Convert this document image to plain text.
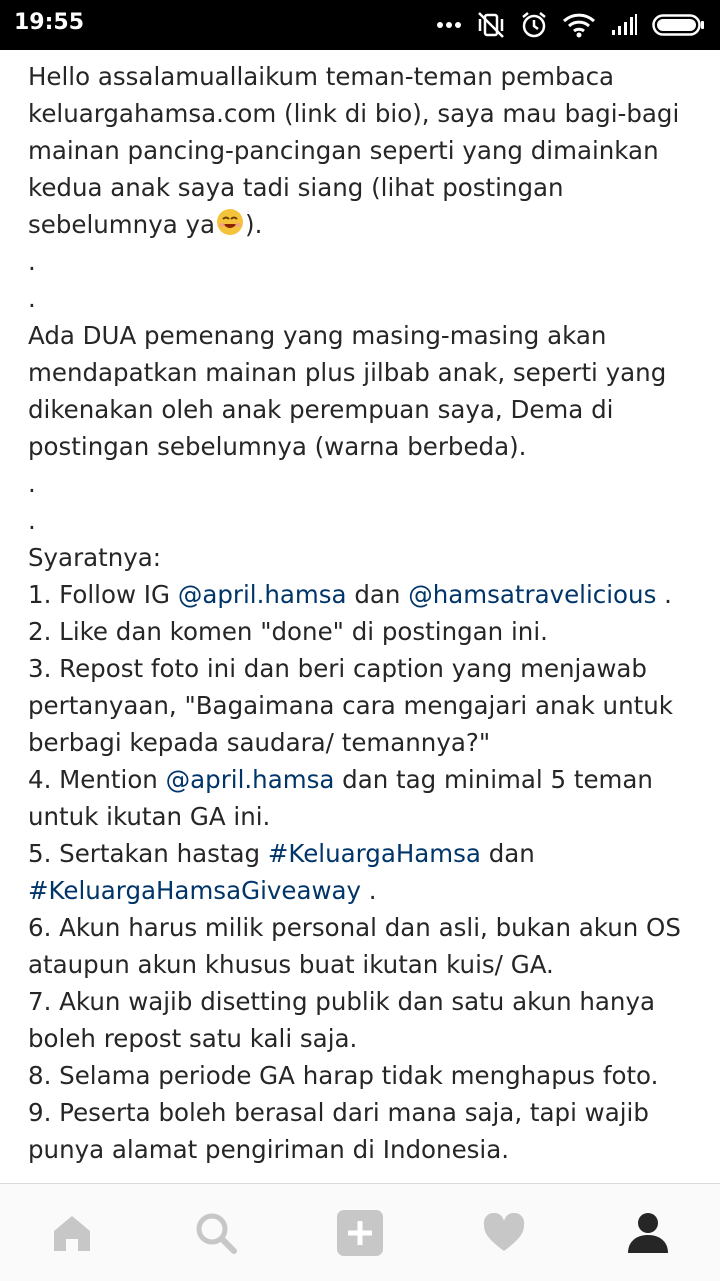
19:55
Hello assalamuallaikum teman-teman pembaca
keluargahamsa.com (link di bio), saya mau bagi-bagi
mainan pancing-pancingan seperti yang dimainkan
kedua anak saya tadi siang (lihat postingan
sebelumnya ya ).
.
.
Ada DUA pemenang yang masing-masing akan
mendapatkan mainan plus jilbab anak, seperti yang
dikenakan oleh anak perempuan saya, Dema di
postingan sebelumnya (warna berbeda).
.
.
Syaratnya:
1. Follow IG @april.hamsa dan @hamsatravelicious .
2. Like dan komen "done" di postingan ini.
3. Repost foto ini dan beri caption yang menjawab
pertanyaan, "Bagaimana cara mengajari anak untuk
berbagi kepada saudara/ temannya?"
4. Mention @april.hamsa dan tag minimal 5 teman
untuk ikutan GA ini.
5. Sertakan hastag #KeluargaHamsa dan
#KeluargaHamsaGiveaway .
6. Akun harus milik personal dan asli, bukan akun OS
ataupun akun khusus buat ikutan kuis/ GA.
7. Akun wajib disetting publik dan satu akun hanya
boleh repost satu kali saja.
8. Selama periode GA harap tidak menghapus foto.
9. Peserta boleh berasal dari mana saja, tapi wajib
punya alamat pengiriman di Indonesia.
